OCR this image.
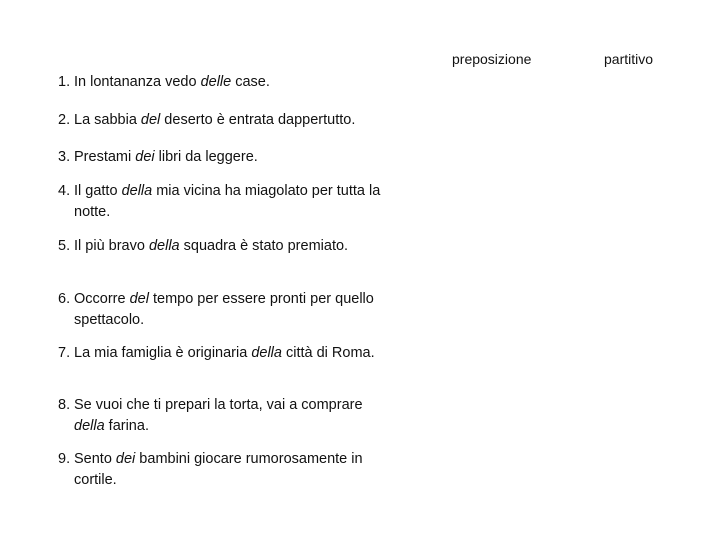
preposizione	partitivo
1. In lontananza vedo delle case.
2. La sabbia del deserto è entrata dappertutto.
3. Prestami dei libri da leggere.
4. Il gatto della mia vicina ha miagolato per tutta la
notte.
5. Il più bravo della squadra è stato premiato.
6. Occorre del tempo per essere pronti per quello
spettacolo.
7. La mia famiglia è originaria della città di Roma.
8. Se vuoi che ti prepari la torta, vai a comprare
della farina.
9. Sento dei bambini giocare rumorosamente in
cortile.
